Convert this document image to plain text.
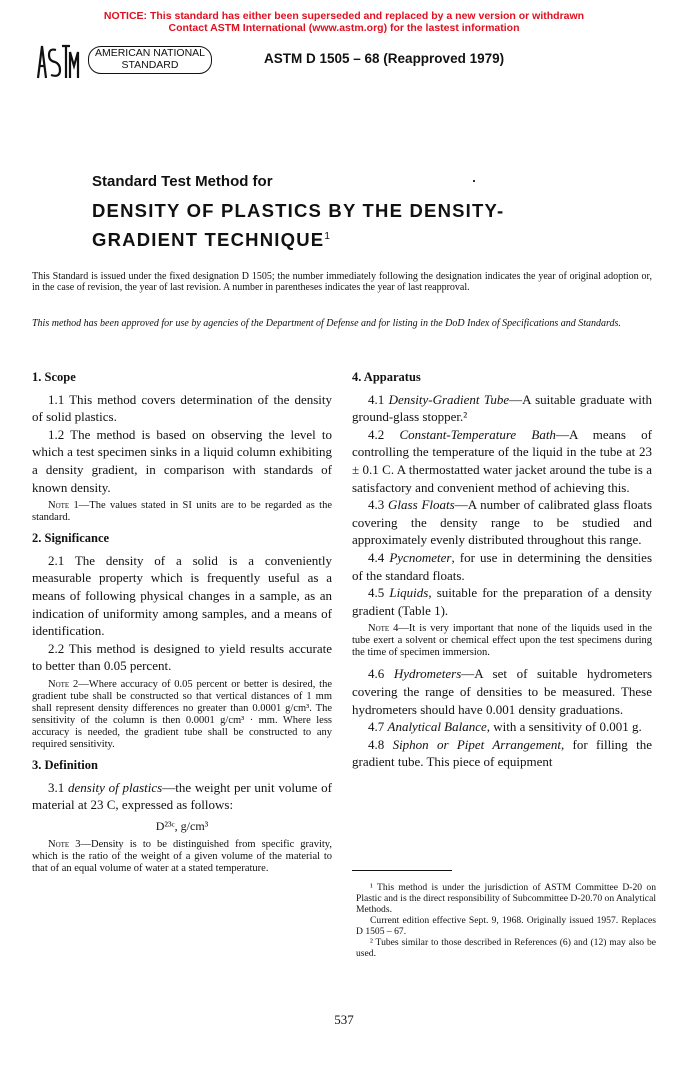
NOTICE: This standard has either been superseded and replaced by a new version or withdrawn
Contact ASTM International (www.astm.org) for the lastest information
AMERICAN NATIONAL
STANDARD	ASTM D 1505 – 68 (Reapproved 1979)
Standard Test Method for
DENSITY OF PLASTICS BY THE DENSITY-
GRADIENT TECHNIQUE$^1$
This Standard is issued under the fixed designation D 1505; the number immediately following the designation indicates the year of original adoption or, in the case of revision, the year of last revision. A number in parentheses indicates the year of last reapproval.
This method has been approved for use by agencies of the Department of Defense and for listing in the DoD Index of Specifications and Standards.
1. Scope

1.1 This method covers determination of the density of solid plastics.

1.2 The method is based on observing the level to which a test specimen sinks in a liquid column exhibiting a density gradient, in comparison with standards of known density.

Note 1—The values stated in SI units are to be regarded as the standard.

2. Significance

2.1 The density of a solid is a conveniently measurable property which is frequently useful as a means of following physical changes in a sample, as an indication of uniformity among samples, and a means of identification.

2.2 This method is designed to yield results accurate to better than 0.05 percent.

Note 2—Where accuracy of 0.05 percent or better is desired, the gradient tube shall be constructed so that vertical distances of 1 mm shall represent density differences no greater than 0.0001 g/cm³. The sensitivity of the column is then 0.0001 g/cm³ · mm. Where less accuracy is needed, the gradient tube shall be constructed to any required sensitivity.

3. Definition

3.1 density of plastics—the weight per unit volume of material at 23 C, expressed as follows:

D²³ᶜ, g/cm³

Note 3—Density is to be distinguished from specific gravity, which is the ratio of the weight of a given volume of the material to that of an equal volume of water at a stated temperature.

4. Apparatus

4.1 Density-Gradient Tube—A suitable graduate with ground-glass stopper.²

4.2 Constant-Temperature Bath—A means of controlling the temperature of the liquid in the tube at 23 ± 0.1 C. A thermostatted water jacket around the tube is a satisfactory and convenient method of achieving this.

4.3 Glass Floats—A number of calibrated glass floats covering the density range to be studied and approximately evenly distributed throughout this range.

4.4 Pycnometer, for use in determining the densities of the standard floats.

4.5 Liquids, suitable for the preparation of a density gradient (Table 1).

Note 4—It is very important that none of the liquids used in the tube exert a solvent or chemical effect upon the test specimens during the time of specimen immersion.

4.6 Hydrometers—A set of suitable hydrometers covering the range of densities to be measured. These hydrometers should have 0.001 density graduations.

4.7 Analytical Balance, with a sensitivity of 0.001 g.

4.8 Siphon or Pipet Arrangement, for filling the gradient tube. This piece of equipment

¹ This method is under the jurisdiction of ASTM Committee D-20 on Plastic and is the direct responsibility of Subcommittee D-20.70 on Analytical Methods.

Current edition effective Sept. 9, 1968. Originally issued 1957. Replaces D 1505 – 67.

² Tubes similar to those described in References (6) and (12) may also be used.

537
